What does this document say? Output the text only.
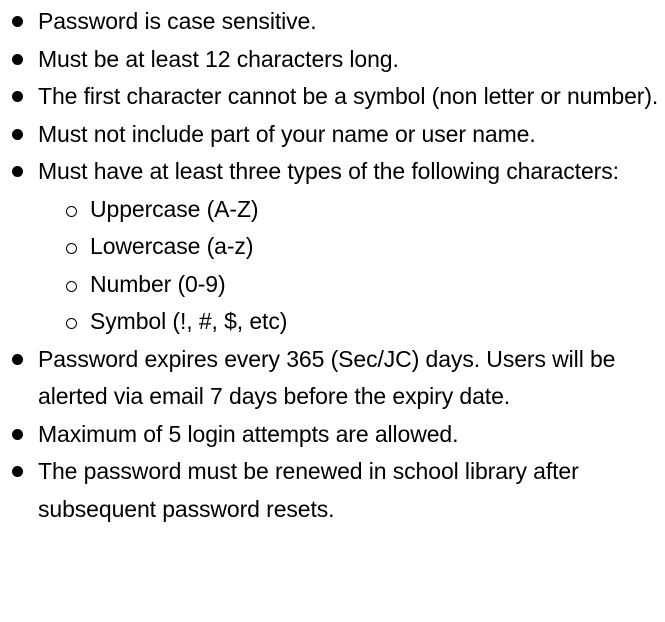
Password is case sensitive.
Must be at least 12 characters long.
The first character cannot be a symbol (non letter or number).
Must not include part of your name or user name.
Must have at least three types of the following characters:
Uppercase (A-Z)
Lowercase (a-z)
Number (0-9)
Symbol (!, #, $, etc)
Password expires every 365 (Sec/JC) days. Users will be alerted via email 7 days before the expiry date.
Maximum of 5 login attempts are allowed.
The password must be renewed in school library after subsequent password resets.
